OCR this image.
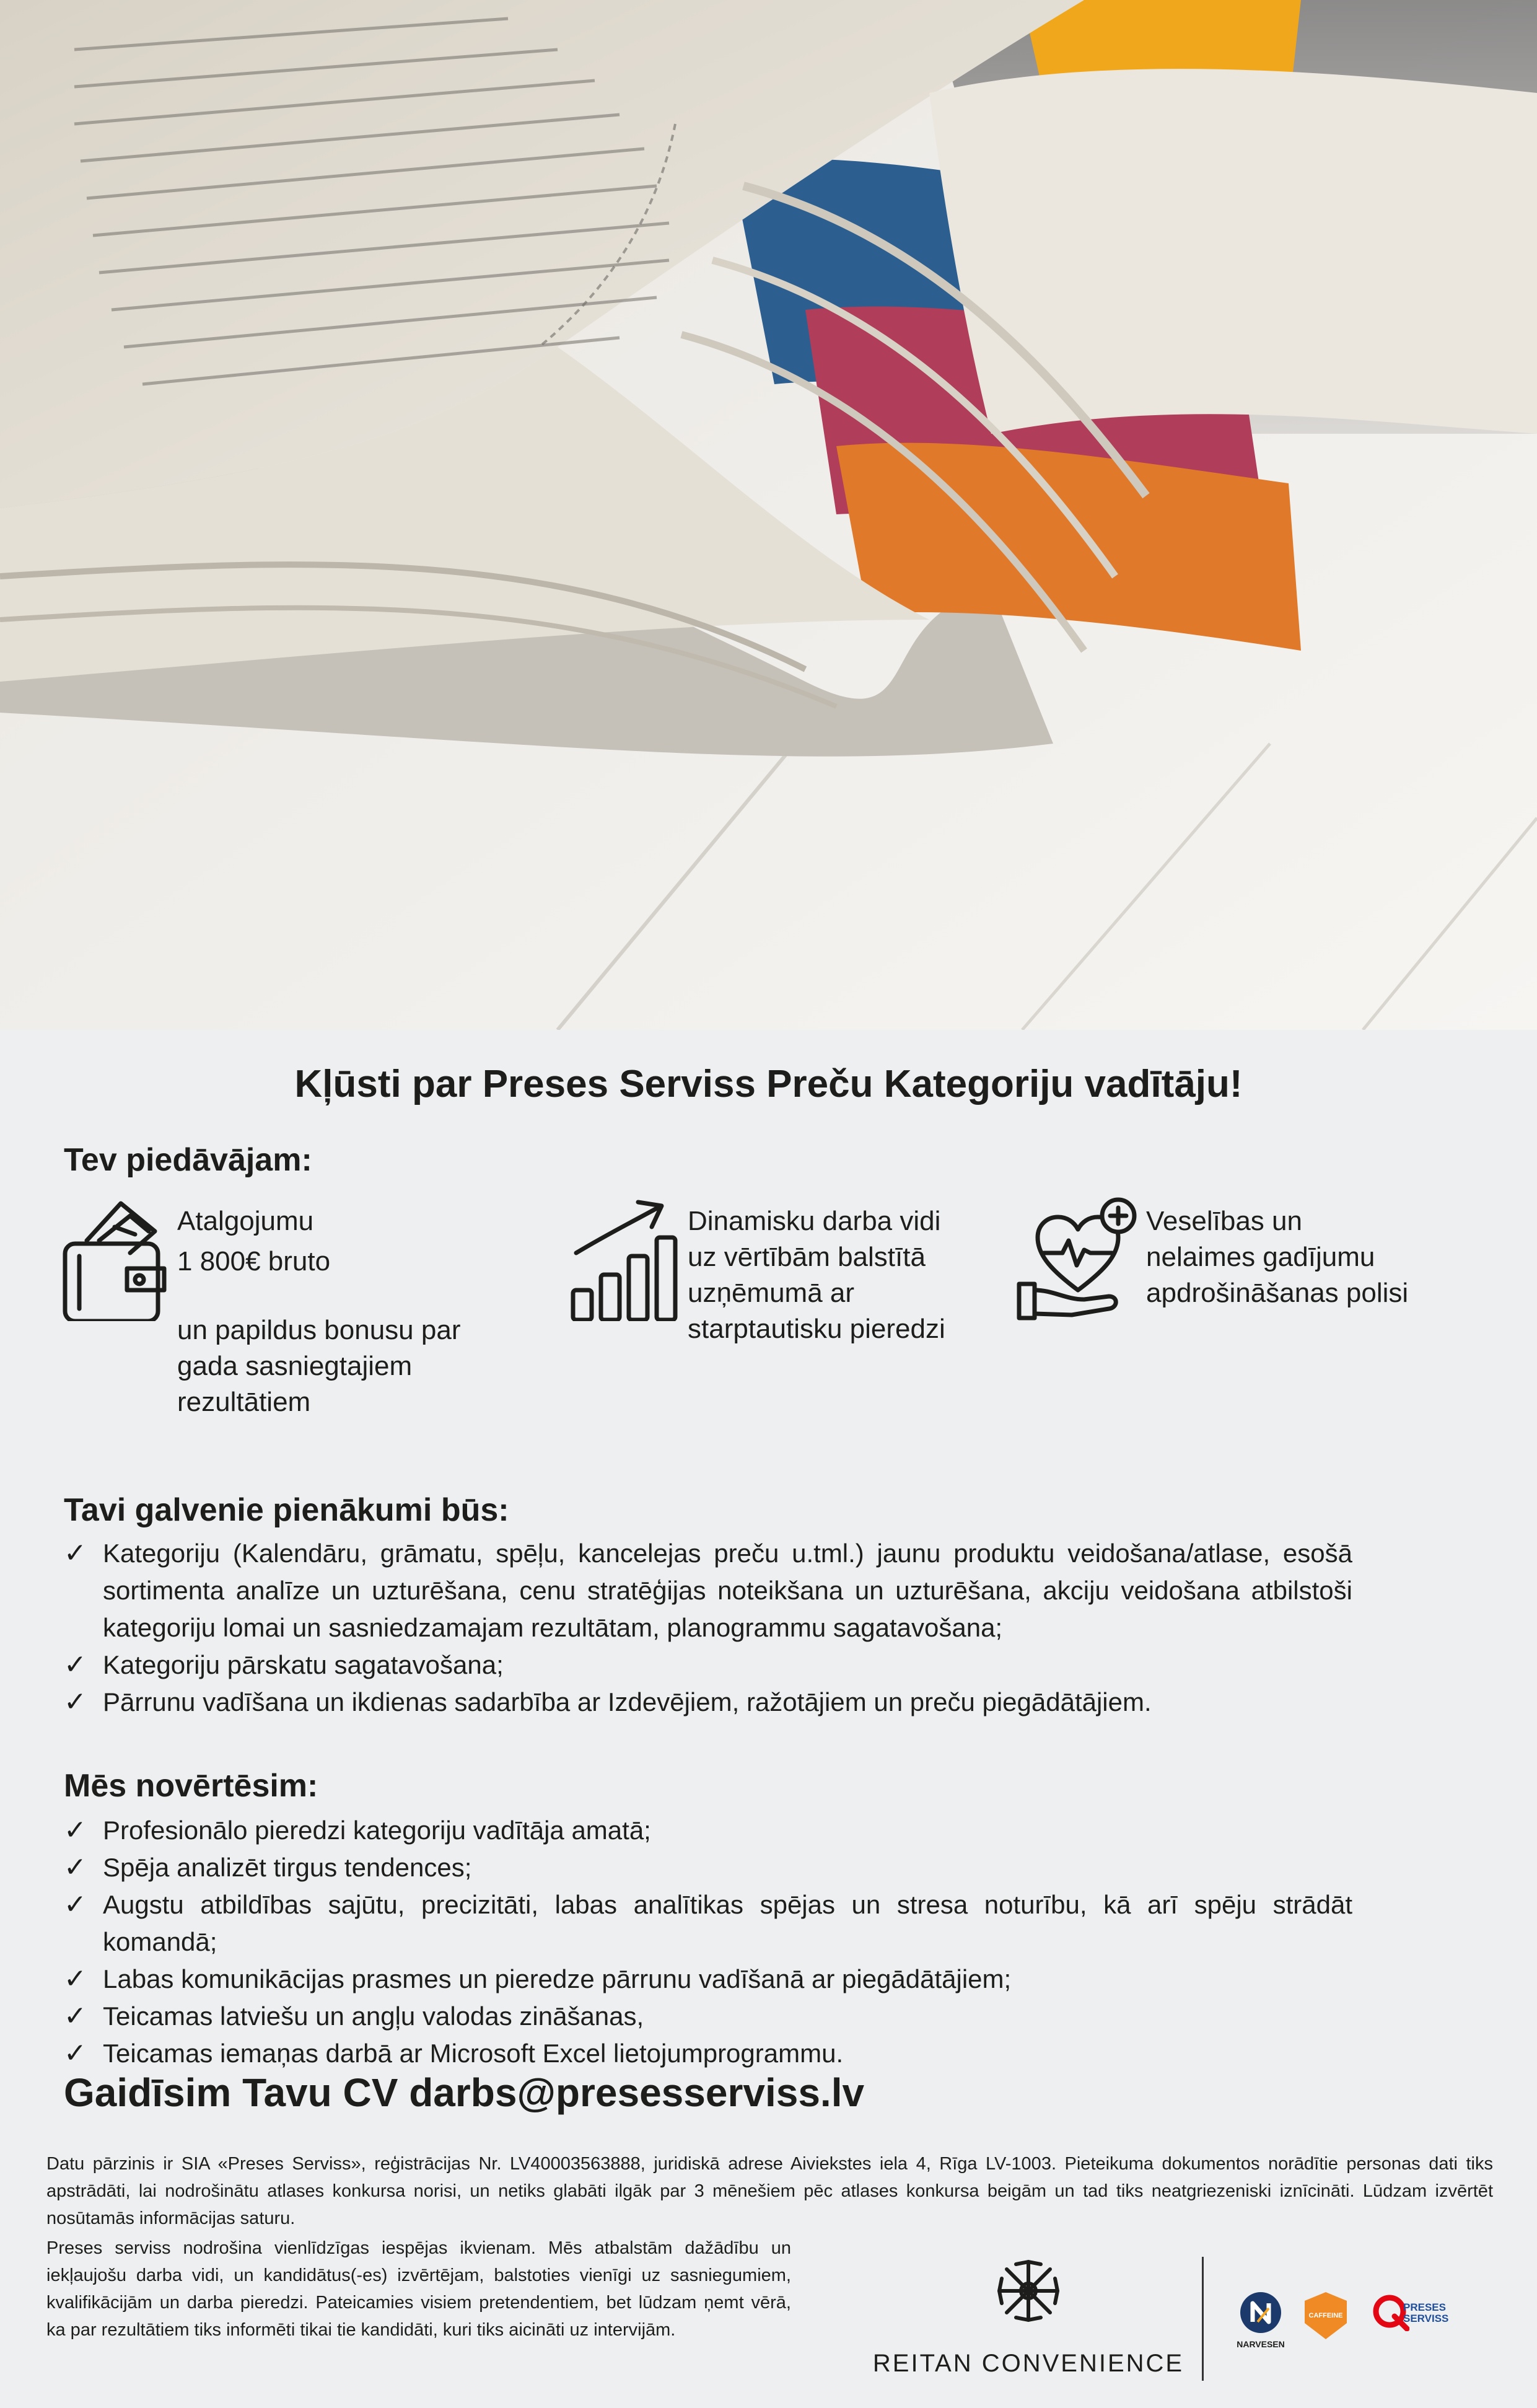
Kļūsti par Preses Serviss Preču Kategoriju vadītāju!
Tev piedāvājam:
Atalgojumu
1 800€ bruto
un papildus bonusu par
gada sasniegtajiem
rezultātiem
Dinamisku darba vidi
uz vērtībām balstītā
uzņēmumā ar
starptautisku pieredzi
Veselības un
nelaimes gadījumu
apdrošināšanas polisi
Tavi galvenie pienākumi būs:
✓ Kategoriju (Kalendāru, grāmatu, spēļu, kancelejas preču u.tml.) jaunu produktu veidošana/atlase, esošā sortimenta analīze un uzturēšana, cenu stratēģijas noteikšana un uzturēšana, akciju veidošana atbilstoši kategoriju lomai un sasniedzamajam rezultātam, planogrammu sagatavošana;
✓ Kategoriju pārskatu sagatavošana;
✓ Pārrunu vadīšana un ikdienas sadarbība ar Izdevējiem, ražotājiem un preču piegādātājiem.
Mēs novērtēsim:
✓ Profesionālo pieredzi kategoriju vadītāja amatā;
✓ Spēja analizēt tirgus tendences;
✓ Augstu atbildības sajūtu, precizitāti, labas analītikas spējas un stresa noturību, kā arī spēju strādāt komandā;
✓ Labas komunikācijas prasmes un pieredze pārrunu vadīšanā ar piegādātājiem;
✓ Teicamas latviešu un angļu valodas zināšanas,
✓ Teicamas iemaņas darbā ar Microsoft Excel lietojumprogrammu.
Gaidīsim Tavu CV darbs@presesserviss.lv
Datu pārzinis ir SIA «Preses Serviss», reģistrācijas Nr. LV40003563888, juridiskā adrese Aiviekstes iela 4, Rīga LV-1003. Pieteikuma dokumentos norādītie personas dati tiks apstrādāti, lai nodrošinātu atlases konkursa norisi, un netiks glabāti ilgāk par 3 mēnešiem pēc atlases konkursa beigām un tad tiks neatgriezeniski iznīcināti. Lūdzam izvērtēt nosūtamās informācijas saturu.
Preses serviss nodrošina vienlīdzīgas iespējas ikvienam. Mēs atbalstām dažādību un iekļaujošu darba vidi, un kandidātus(-es) izvērtējam, balstoties vienīgi uz sasniegumiem, kvalifikācijām un darba pieredzi. Pateicamies visiem pretendentiem, bet lūdzam ņemt vērā, ka par rezultātiem tiks informēti tikai tie kandidāti, kuri tiks aicināti uz intervijām.
REITAN CONVENIENCE
NARVESEN
CAFFEINE
PRESES SERVISS
